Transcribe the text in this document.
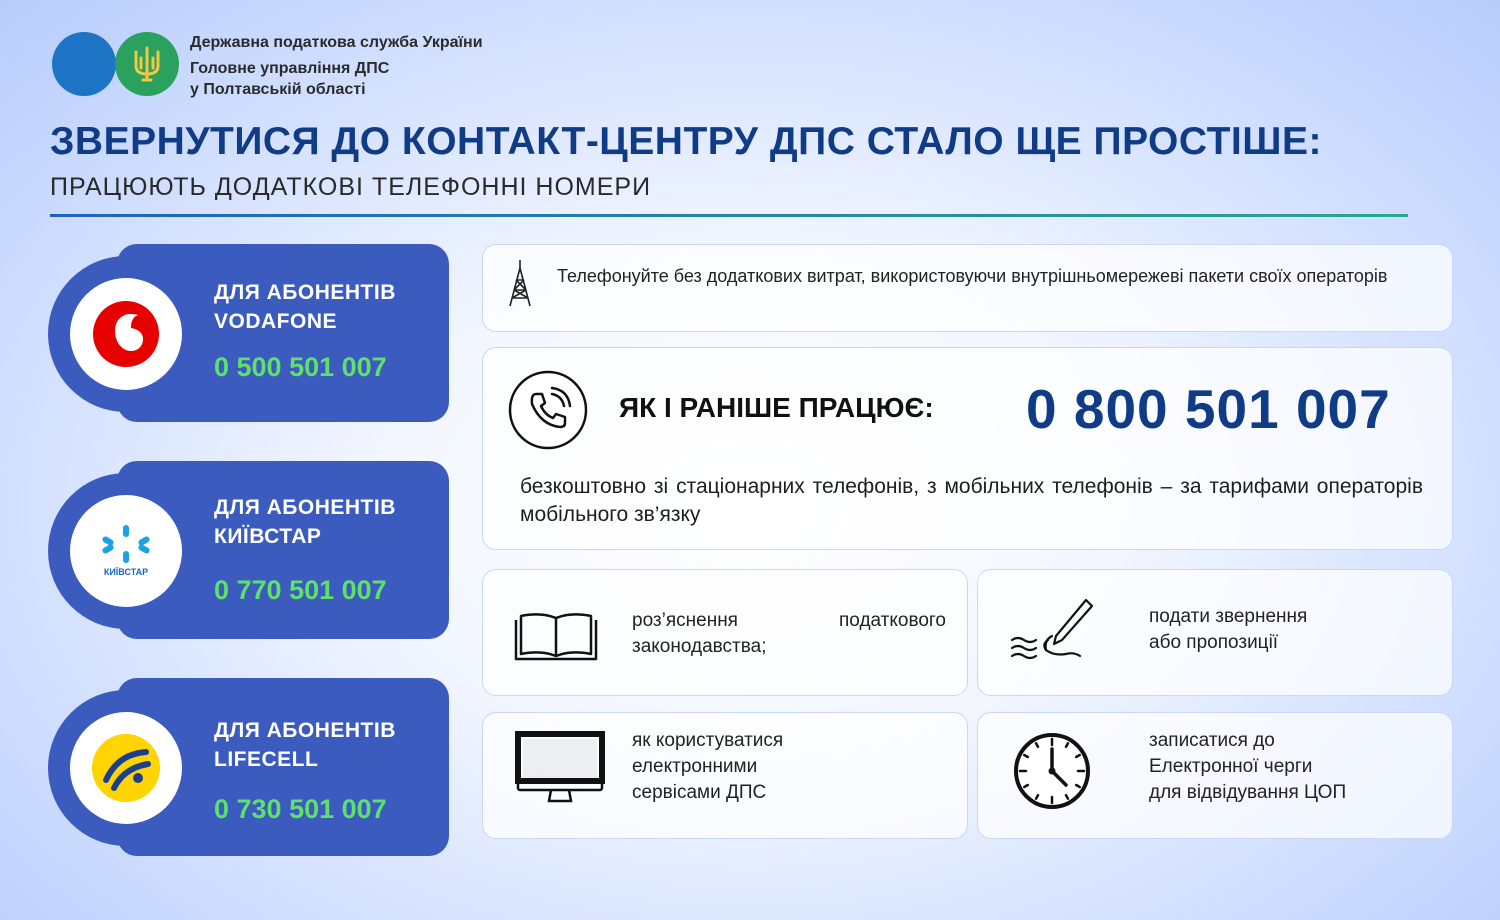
Державна податкова служба України
Головне управління ДПС
у Полтавській області
ЗВЕРНУТИСЯ ДО КОНТАКТ-ЦЕНТРУ ДПС СТАЛО ЩЕ ПРОСТІШЕ:
ПРАЦЮЮТЬ ДОДАТКОВІ ТЕЛЕФОННІ НОМЕРИ
ДЛЯ АБОНЕНТІВ
VODAFONE
0 500 501 007
КИЇВСТАР
ДЛЯ АБОНЕНТІВ
КИЇВСТАР
0 770 501 007
ДЛЯ АБОНЕНТІВ
LIFECELL
0 730 501 007
Телефонуйте без додаткових витрат, використовуючи внутрішньомережеві пакети своїх операторів
ЯК І РАНІШЕ ПРАЦЮЄ: 0 800 501 007
безкоштовно зі стаціонарних телефонів, з мобільних телефонів – за тарифами операторів мобільного зв’язку
роз’яснення податкового законодавства;
подати звернення
або пропозиції
як користуватися
електронними
сервісами ДПС
записатися до
Електронної черги
для відвідування ЦОП
